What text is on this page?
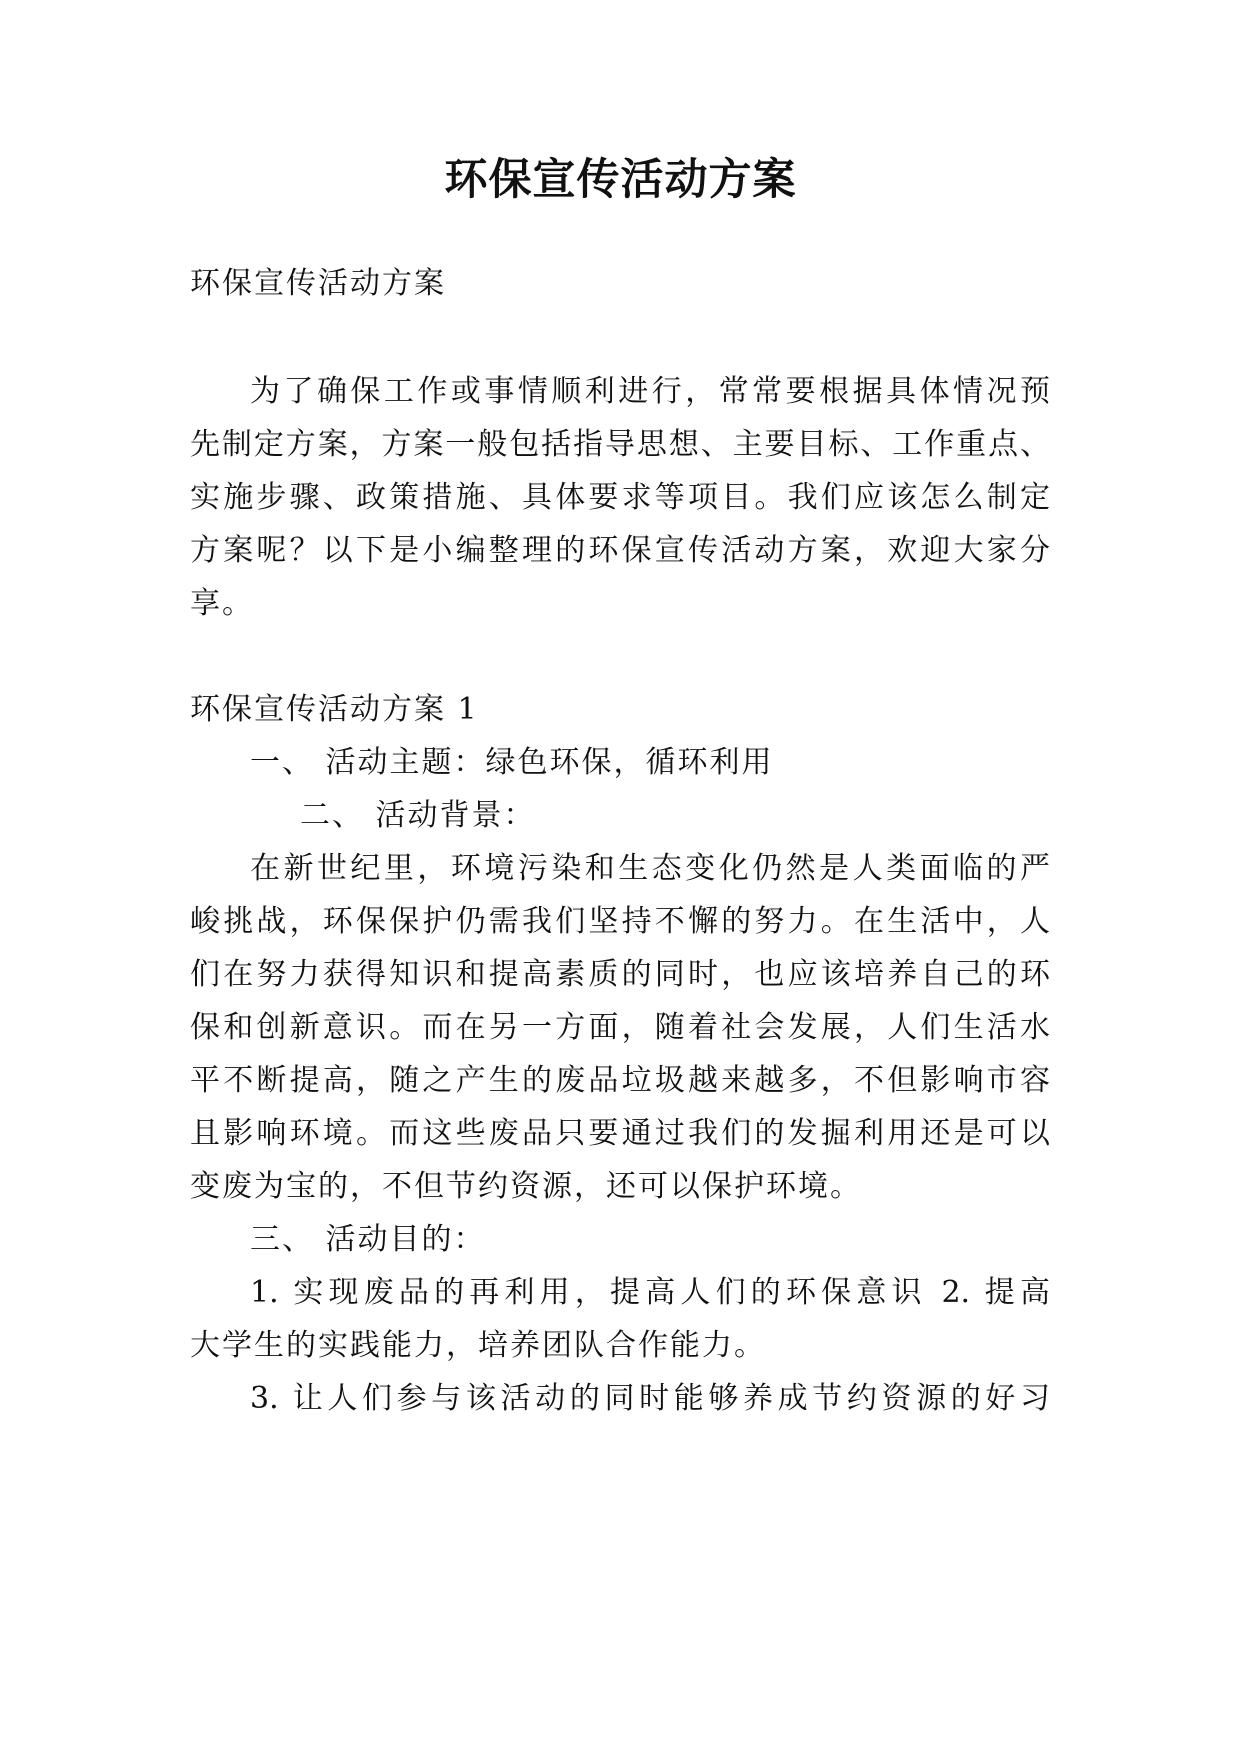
环保宣传活动方案
环保宣传活动方案
为了确保工作或事情顺利进行，常常要根据具体情况预
先制定方案，方案一般包括指导思想、主要目标、工作重点、
实施步骤、政策措施、具体要求等项目。我们应该怎么制定
方案呢？以下是小编整理的环保宣传活动方案，欢迎大家分
享。
环保宣传活动方案 1
一、 活动主题：绿色环保，循环利用
二、 活动背景：
在新世纪里，环境污染和生态变化仍然是人类面临的严
峻挑战，环保保护仍需我们坚持不懈的努力。在生活中，人
们在努力获得知识和提高素质的同时，也应该培养自己的环
保和创新意识。而在另一方面，随着社会发展，人们生活水
平不断提高，随之产生的废品垃圾越来越多，不但影响市容
且影响环境。而这些废品只要通过我们的发掘利用还是可以
变废为宝的，不但节约资源，还可以保护环境。
三、 活动目的：
1. 实现废品的再利用，提高人们的环保意识 2. 提高
大学生的实践能力，培养团队合作能力。
3. 让人们参与该活动的同时能够养成节约资源的好习
